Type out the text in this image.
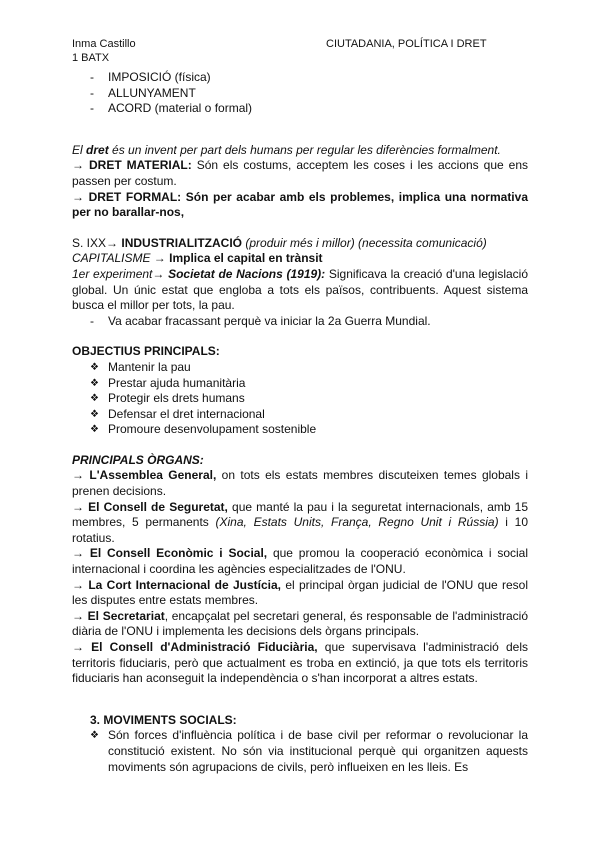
Inma Castillo
1 BATX
CIUTADANIA, POLÍTICA I DRET
- IMPOSICIÓ (física)
- ALLUNYAMENT
- ACORD (material o formal)
El dret és un invent per part dels humans per regular les diferències formalment.
→ DRET MATERIAL: Són els costums, acceptem les coses i les accions que ens passen per costum.
→ DRET FORMAL: Són per acabar amb els problemes, implica una normativa per no barallar-nos,
S. IXX→ INDUSTRIALITZACIÓ (produir més i millor) (necessita comunicació)
CAPITALISME → Implica el capital en trànsit
1er experiment→ Societat de Nacions (1919): Significava la creació d'una legislació global. Un únic estat que engloba a tots els països, contribuents. Aquest sistema busca el millor per tots, la pau.
- Va acabar fracassant perquè va iniciar la 2a Guerra Mundial.
OBJECTIUS PRINCIPALS:
❖ Mantenir la pau
❖ Prestar ajuda humanitària
❖ Protegir els drets humans
❖ Defensar el dret internacional
❖ Promoure desenvolupament sostenible
PRINCIPALS ÒRGANS:
→ L'Assemblea General, on tots els estats membres discuteixen temes globals i prenen decisions.
→ El Consell de Seguretat, que manté la pau i la seguretat internacionals, amb 15 membres, 5 permanents (Xina, Estats Units, França, Regno Unit i Rússia) i 10 rotatius.
→ El Consell Econòmic i Social, que promou la cooperació econòmica i social internacional i coordina les agències especialitzades de l'ONU.
→ La Cort Internacional de Justícia, el principal òrgan judicial de l'ONU que resol les disputes entre estats membres.
→ El Secretariat, encapçalat pel secretari general, és responsable de l'administració diària de l'ONU i implementa les decisions dels òrgans principals.
→ El Consell d'Administració Fiduciària, que supervisava l'administració dels territoris fiduciaris, però que actualment es troba en extinció, ja que tots els territoris fiduciaris han aconseguit la independència o s'han incorporat a altres estats.
3. MOVIMENTS SOCIALS:
❖ Són forces d'influència política i de base civil per reformar o revolucionar la constitució existent. No són via institucional perquè qui organitzen aquests moviments són agrupacions de civils, però influeixen en les lleis. Es
